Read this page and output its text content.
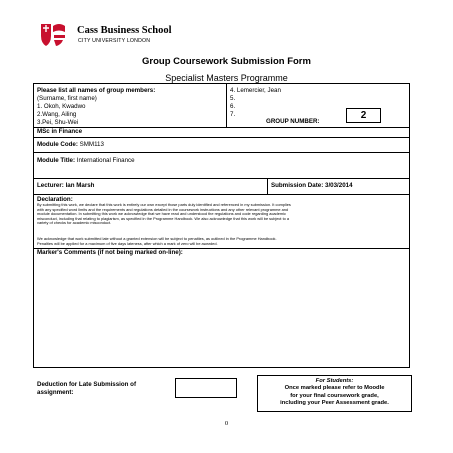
Cass Business School
CITY UNIVERSITY LONDON
Group Coursework Submission Form
Specialist Masters Programme
Please list all names of group members:
(Surname, first name)
1. Okoh, Kwadwo
2.Wang, Ailing
3.Pei, Shu-Wei
4. Lemercier, Jean
5.
6.
7.
GROUP NUMBER:
2
MSc in Finance
Module Code: SMM113
Module Title: International Finance
Lecturer: Ian Marsh	Submission Date: 3/03/2014
Declaration:
By submitting this work, we declare that this work is entirely our own except those parts duly identified and referenced in my submission. It complies
with any specified word limits and the requirements and regulations detailed in the coursework instructions and any other relevant programme and
module documentation. In submitting this work we acknowledge that we have read and understood the regulations and code regarding academic
misconduct, including that relating to plagiarism, as specified in the Programme Handbook. We also acknowledge that this work will be subject to a
variety of checks for academic misconduct.
We acknowledge that work submitted late without a granted extension will be subject to penalties, as outlined in the Programme Handbook.
Penalties will be applied for a maximum of five days lateness, after which a mark of zero will be awarded.
Marker's Comments (if not being marked on-line):
Deduction for Late Submission of
assignment:
For Students:
Once marked please refer to Moodle
for your final coursework grade,
including your Peer Assessment grade.
0
